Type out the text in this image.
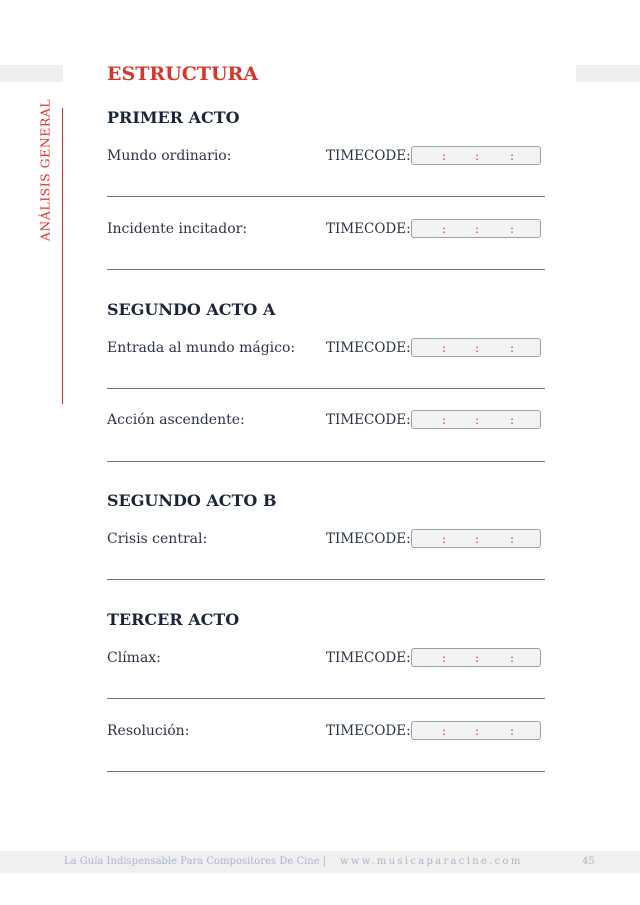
ANÁLISIS GENERAL
ESTRUCTURA
PRIMER ACTO
Mundo ordinario:	TIMECODE:	: :	:
Incidente incitador:	TIMECODE:	: :	:
SEGUNDO ACTO A
Entrada al mundo mágico: TIMECODE:	: :	:
Acción ascendente:	TIMECODE:	: :	:
SEGUNDO ACTO B
Crisis central:	TIMECODE:	: :	:
TERCER ACTO
Clímax:	TIMECODE:	: :	:
Resolución:	TIMECODE:	: :	:
La Guía Indispensable Para Compositores De Cine | www.musicaparacine.com	45
